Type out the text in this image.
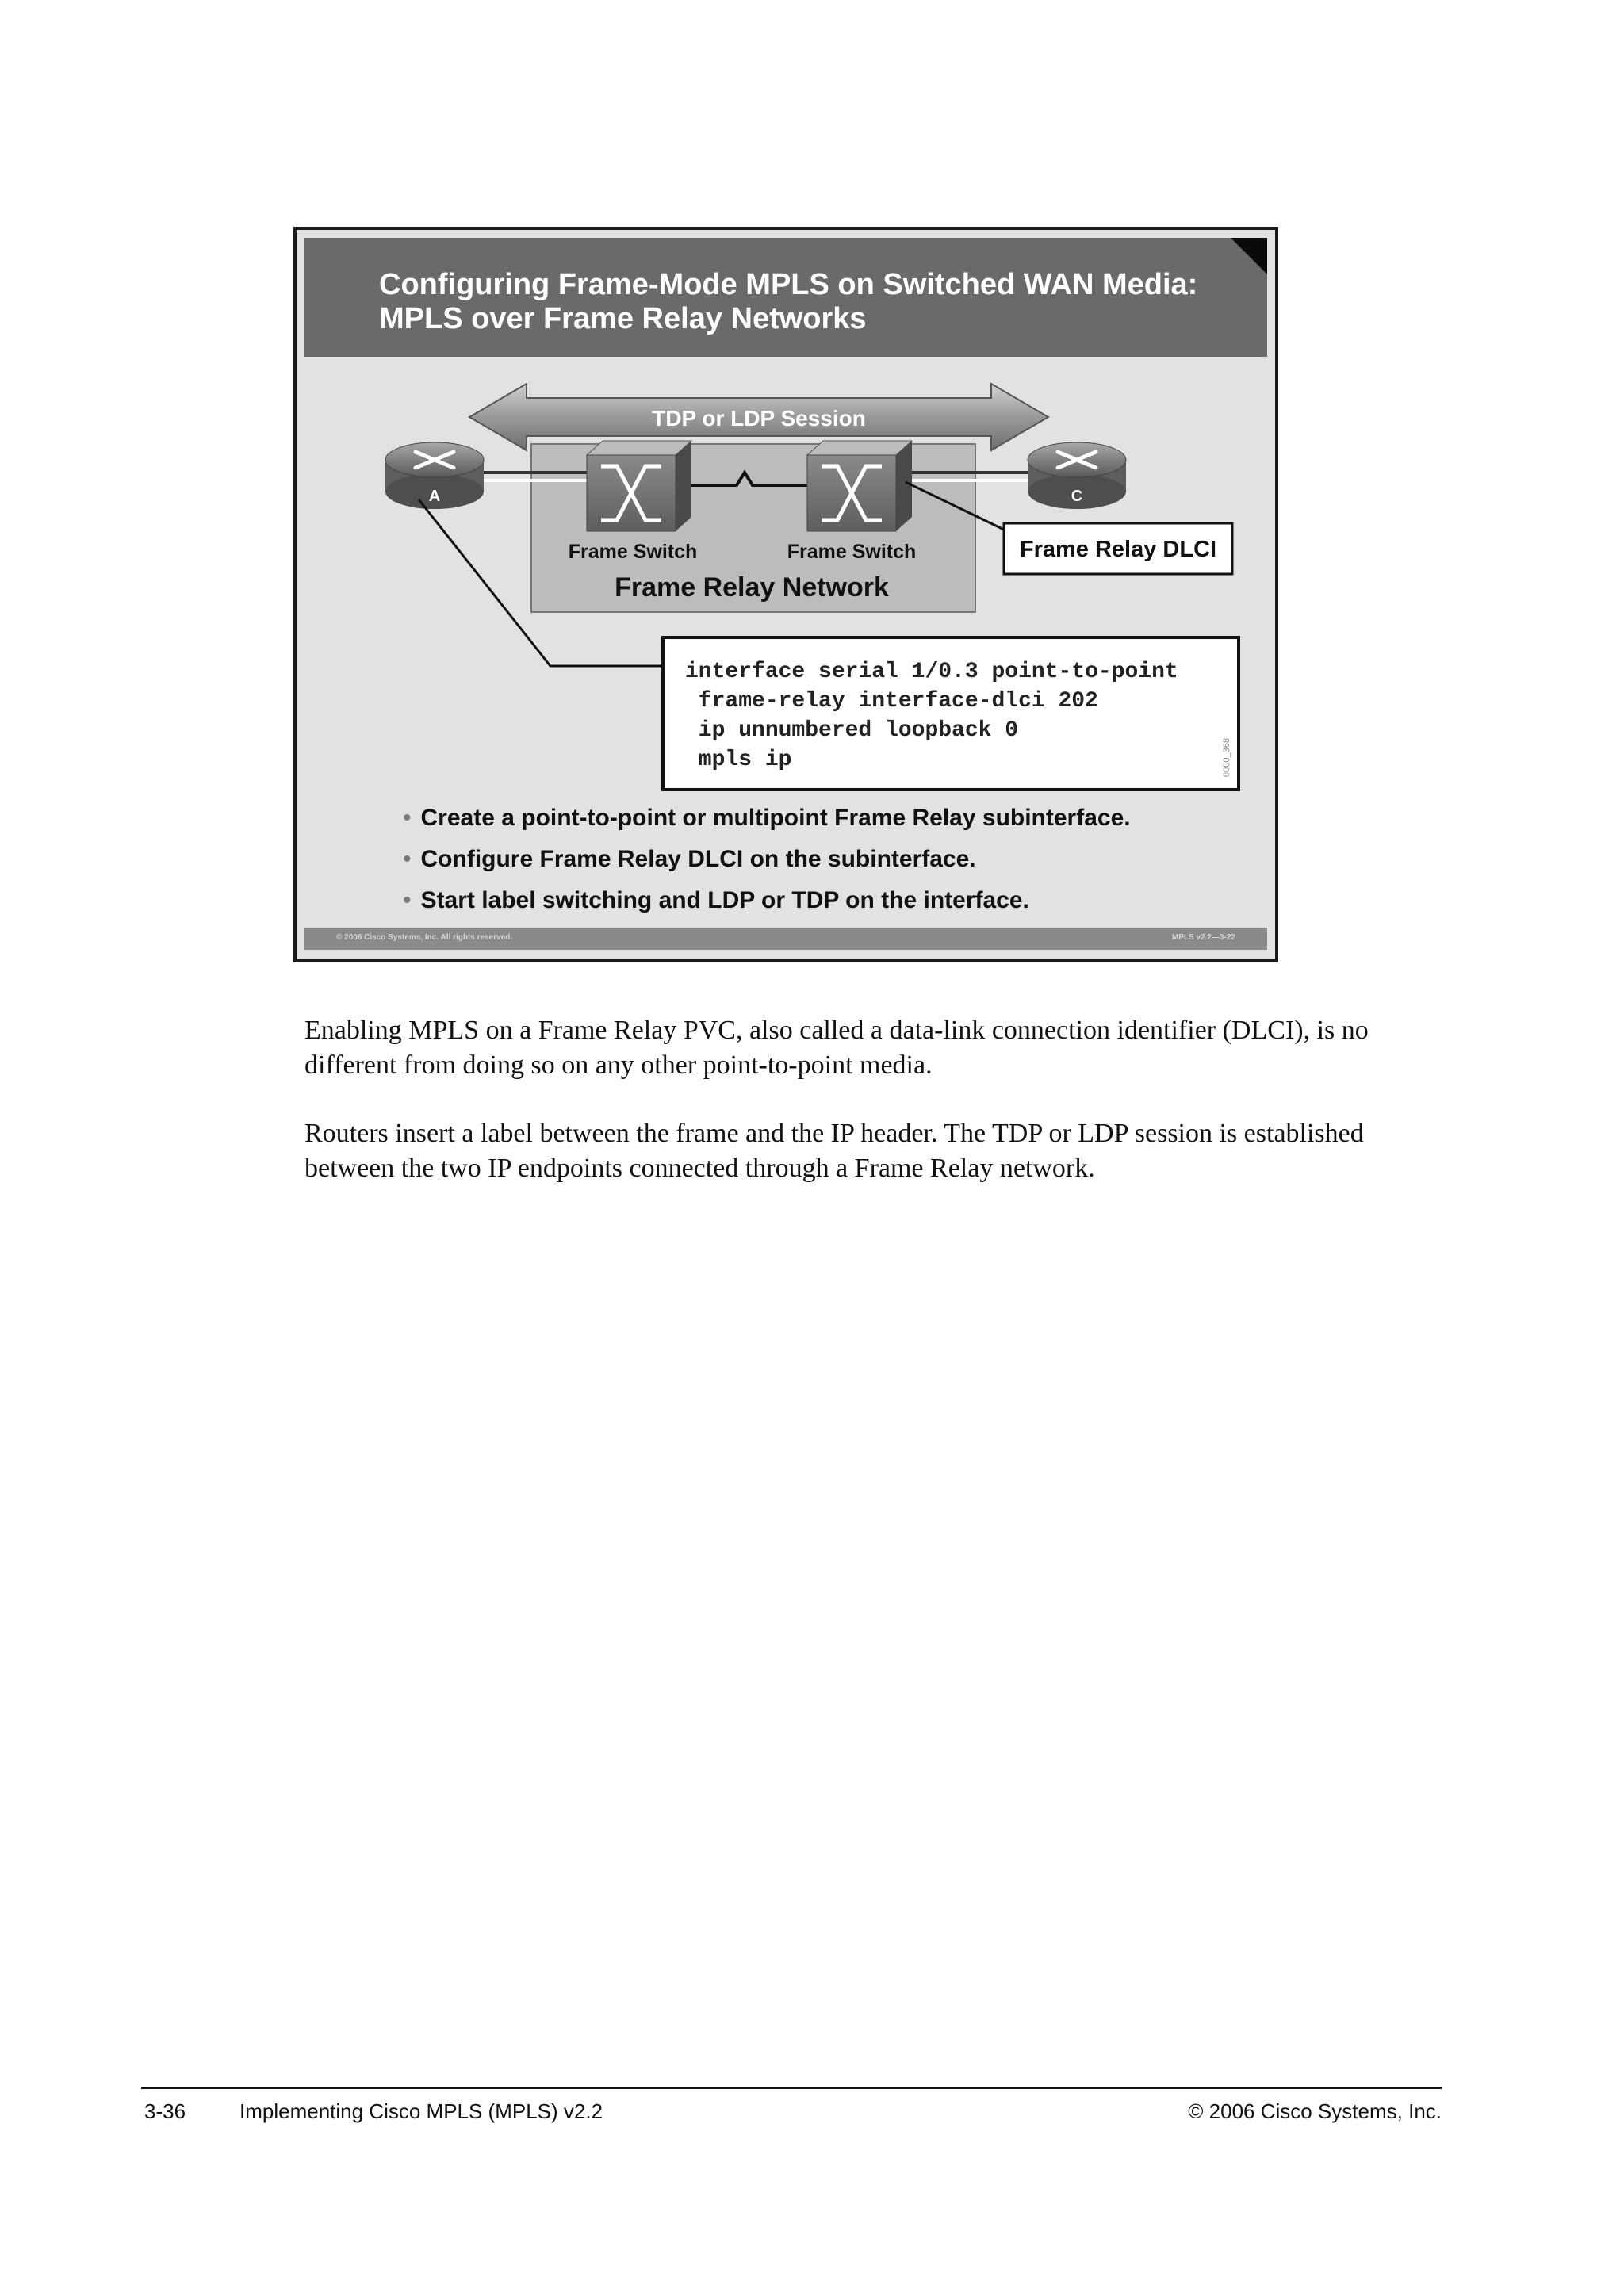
Configuring Frame-Mode MPLS on Switched WAN Media:
MPLS over Frame Relay Networks
TDP or LDP Session
A	C
Frame Switch	Frame Switch
Frame Relay Network
Frame Relay DLCI
interface serial 1/0.3 point-to-point
frame-relay interface-dlci 202
ip unnumbered loopback 0
mpls ip	0000_368
• Create a point-to-point or multipoint Frame Relay subinterface.
• Configure Frame Relay DLCI on the subinterface.
• Start label switching and LDP or TDP on the interface.
© 2006 Cisco Systems, Inc. All rights reserved.	MPLS v2.2—3-22

Enabling MPLS on a Frame Relay PVC, also called a data-link connection identifier (DLCI), is no different from doing so on any other point-to-point media.

Routers insert a label between the frame and the IP header. The TDP or LDP session is established between the two IP endpoints connected through a Frame Relay network.

3-36	Implementing Cisco MPLS (MPLS) v2.2	© 2006 Cisco Systems, Inc.
